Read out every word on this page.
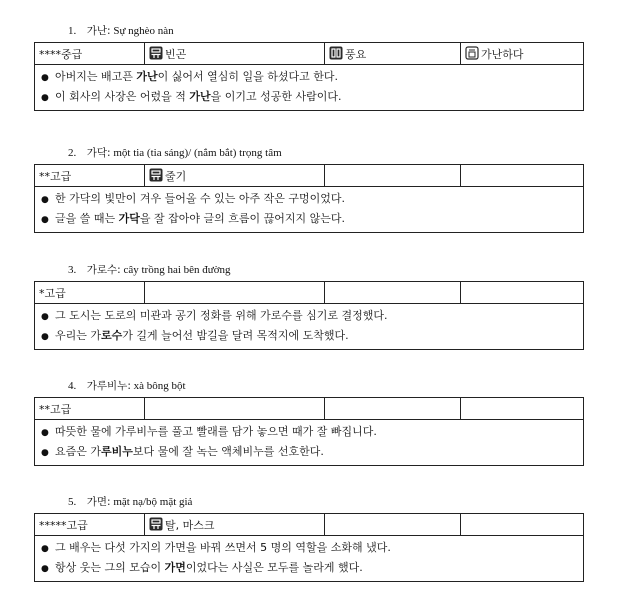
1. 가난: Sự nghèo nàn
****중급	빈곤	풍요	가난하다
● 아버지는 배고픈 가난이 싫어서 열심히 일을 하셨다고 한다.
● 이 회사의 사장은 어렸을 적 가난을 이기고 성공한 사람이다.
2. 가닥: một tia (tia sáng)/ (nắm bắt) trọng tâm
**고급	줄기		
● 한 가닥의 빛만이 겨우 들어올 수 있는 아주 작은 구멍이었다.
● 글을 쓸 때는 가닥을 잘 잡아야 글의 흐름이 끊어지지 않는다.
3. 가로수: cây trồng hai bên đường
*고급			
● 그 도시는 도로의 미관과 공기 정화를 위해 가로수를 심기로 결정했다.
● 우리는 가로수가 길게 늘어선 밤길을 달려 목적지에 도착했다.
4. 가루비누: xà bông bột
**고급			
● 따뜻한 물에 가루비누를 풀고 빨래를 담가 놓으면 때가 잘 빠집니다.
● 요즘은 가루비누보다 물에 잘 녹는 액체비누를 선호한다.
5. 가면: mặt nạ/bộ mặt giả
*****고급	탈, 마스크		
● 그 배우는 다섯 가지의 가면을 바꿔 쓰면서 5 명의 역할을 소화해 냈다.
● 항상 웃는 그의 모습이 가면이었다는 사실은 모두를 놀라게 했다.
